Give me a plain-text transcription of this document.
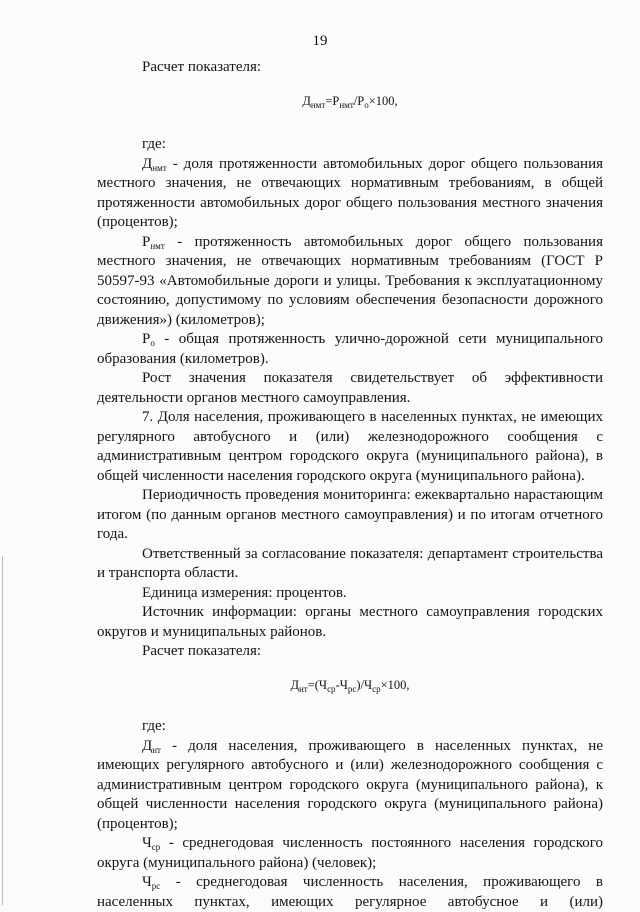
19

Расчет показателя:

$Д_{нмт}=Р_{нмт}/Р_о\times 100$,

где:

$Д_{нмт}$ - доля протяженности автомобильных дорог общего пользования местного значения, не отвечающих нормативным требованиям, в общей протяженности автомобильных дорог общего пользования местного значения (процентов);

$Р_{нмт}$ - протяженность автомобильных дорог общего пользования местного значения, не отвечающих нормативным требованиям (ГОСТ Р 50597-93 «Автомобильные дороги и улицы. Требования к эксплуатационному состоянию, допустимому по условиям обеспечения безопасности дорожного движения») (километров);

$Р_о$ - общая протяженность улично-дорожной сети муниципального образования (километров).

Рост значения показателя свидетельствует об эффективности деятельности органов местного самоуправления.

7. Доля населения, проживающего в населенных пунктах, не имеющих регулярного автобусного и (или) железнодорожного сообщения с административным центром городского округа (муниципального района), в общей численности населения городского округа (муниципального района).

Периодичность проведения мониторинга: ежеквартально нарастающим итогом (по данным органов местного самоуправления) и по итогам отчетного года.

Ответственный за согласование показателя: департамент строительства и транспорта области.

Единица измерения: процентов.

Источник информации: органы местного самоуправления городских округов и муниципальных районов.

Расчет показателя:

$Д_{нт}=(Ч_{ср}-Ч_{рс})/Ч_{ср}\times 100$,

где:

$Д_{нт}$ - доля населения, проживающего в населенных пунктах, не имеющих регулярного автобусного и (или) железнодорожного сообщения с административным центром городского округа (муниципального района), к общей численности населения городского округа (муниципального района) (процентов);

$Ч_{ср}$ - среднегодовая численность постоянного населения городского округа (муниципального района) (человек);

$Ч_{рс}$ - среднегодовая численность населения, проживающего в населенных пунктах, имеющих регулярное автобусное и (или)
